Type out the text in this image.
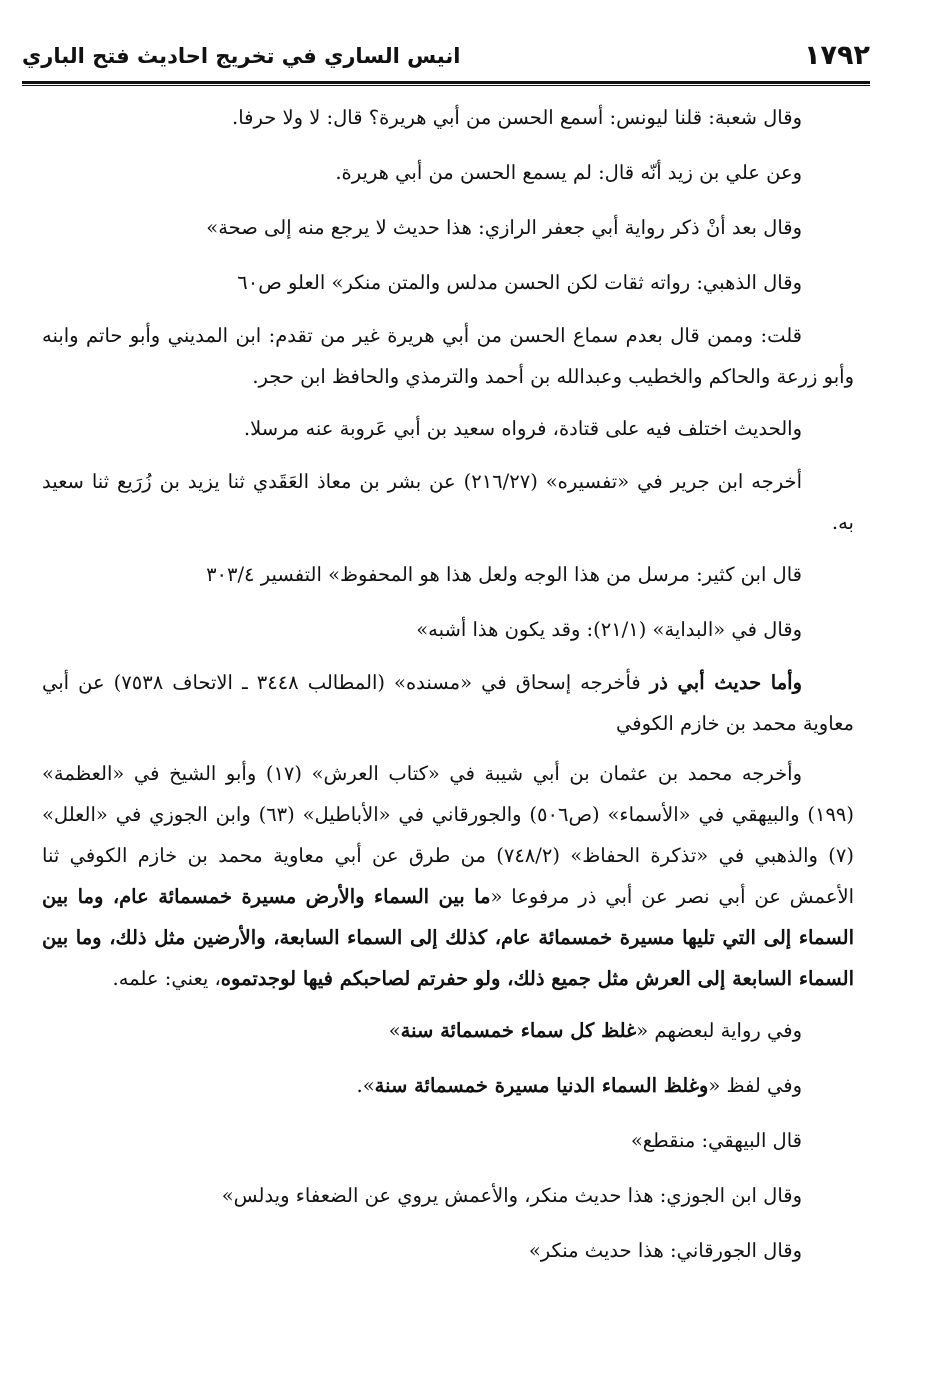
١٧٩٢
انيس الساري في تخريج احاديث فتح الباري

وقال شعبة: قلنا ليونس: أسمع الحسن من أبي هريرة؟ قال: لا ولا حرفا.

وعن علي بن زيد أنّه قال: لم يسمع الحسن من أبي هريرة.

وقال بعد أنْ ذكر رواية أبي جعفر الرازي: هذا حديث لا يرجع منه إلى صحة»

وقال الذهبي: رواته ثقات لكن الحسن مدلس والمتن منكر» العلو ص٦٠

قلت: وممن قال بعدم سماع الحسن من أبي هريرة غير من تقدم: ابن المديني وأبو حاتم وابنه وأبو زرعة والحاكم والخطيب وعبدالله بن أحمد والترمذي والحافظ ابن حجر.

والحديث اختلف فيه على قتادة، فرواه سعيد بن أبي عَروبة عنه مرسلا.

أخرجه ابن جرير في «تفسيره» (٢١٦/٢٧) عن بشر بن معاذ العَقَدي ثنا يزيد بن زُرَيع ثنا سعيد به.

قال ابن كثير: مرسل من هذا الوجه ولعل هذا هو المحفوظ» التفسير ٣٠٣/٤

وقال في «البداية» (٢١/١): وقد يكون هذا أشبه»

وأما حديث أبي ذر فأخرجه إسحاق في «مسنده» (المطالب ٣٤٤٨ ـ الاتحاف ٧٥٣٨) عن أبي معاوية محمد بن خازم الكوفي

وأخرجه محمد بن عثمان بن أبي شيبة في «كتاب العرش» (١٧) وأبو الشيخ في «العظمة» (١٩٩) والبيهقي في «الأسماء» (ص٥٠٦) والجورقاني في «الأباطيل» (٦٣) وابن الجوزي في «العلل» (٧) والذهبي في «تذكرة الحفاظ» (٧٤٨/٢) من طرق عن أبي معاوية محمد بن خازم الكوفي ثنا الأعمش عن أبي نصر عن أبي ذر مرفوعا «ما بين السماء والأرض مسيرة خمسمائة عام، وما بين السماء إلى التي تليها مسيرة خمسمائة عام، كذلك إلى السماء السابعة، والأرضين مثل ذلك، وما بين السماء السابعة إلى العرش مثل جميع ذلك، ولو حفرتم لصاحبكم فيها لوجدتموه، يعني: علمه.

وفي رواية لبعضهم «غلظ كل سماء خمسمائة سنة»

وفي لفظ «وغلظ السماء الدنيا مسيرة خمسمائة سنة».

قال البيهقي: منقطع»

وقال ابن الجوزي: هذا حديث منكر، والأعمش يروي عن الضعفاء ويدلس»

وقال الجورقاني: هذا حديث منكر»
